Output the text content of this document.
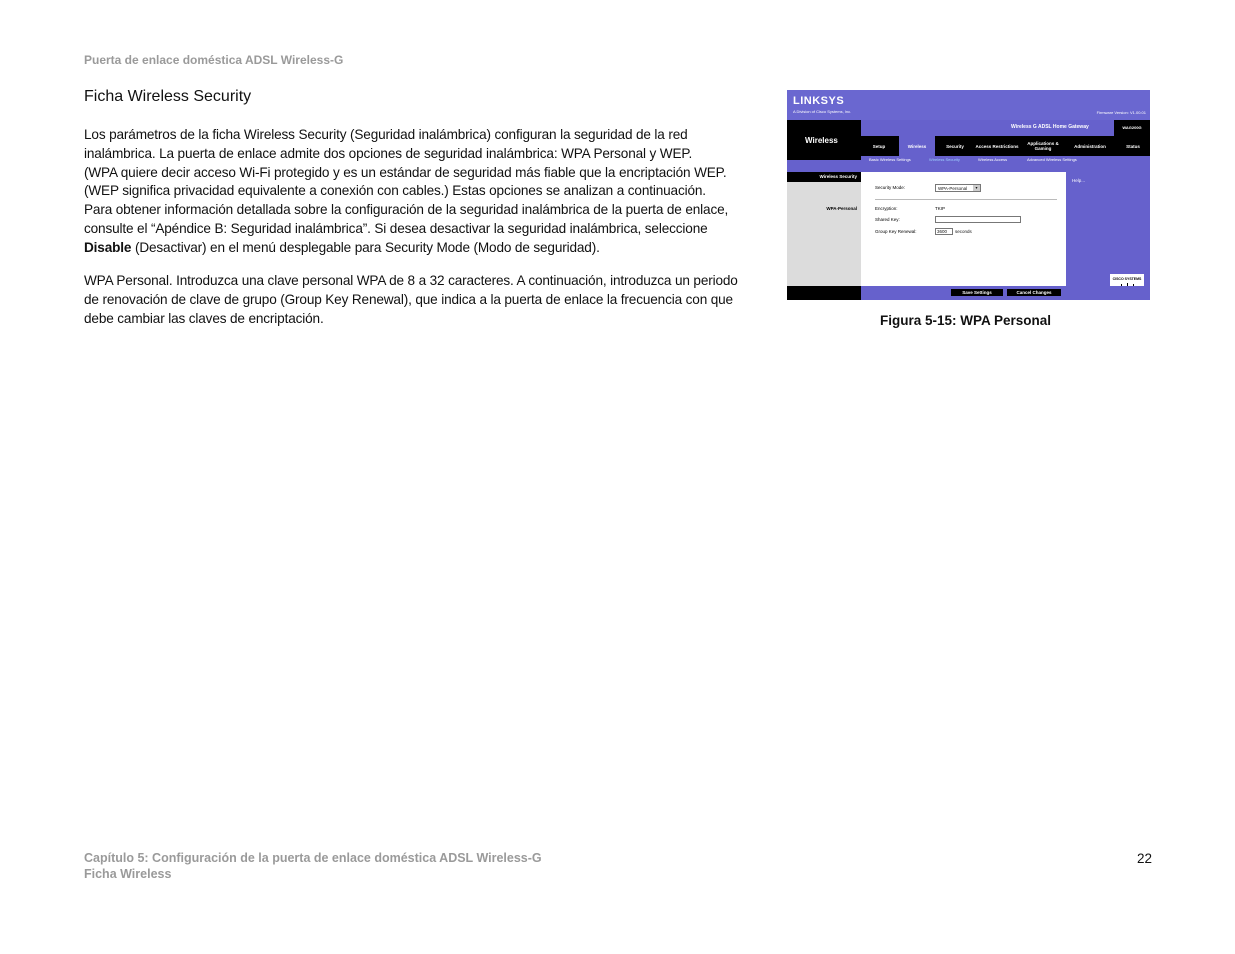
Puerta de enlace doméstica ADSL Wireless-G
Ficha Wireless Security
Los parámetros de la ficha Wireless Security (Seguridad inalámbrica) configuran la seguridad de la red
inalámbrica. La puerta de enlace admite dos opciones de seguridad inalámbrica: WPA Personal y WEP.
(WPA quiere decir acceso Wi-Fi protegido y es un estándar de seguridad más fiable que la encriptación WEP.
(WEP significa privacidad equivalente a conexión con cables.) Estas opciones se analizan a continuación.
Para obtener información detallada sobre la configuración de la seguridad inalámbrica de la puerta de enlace,
consulte el “Apéndice B: Seguridad inalámbrica”. Si desea desactivar la seguridad inalámbrica, seleccione
Disable (Desactivar) en el menú desplegable para Security Mode (Modo de seguridad).
WPA Personal. Introduzca una clave personal WPA de 8 a 32 caracteres. A continuación, introduzca un periodo
de renovación de clave de grupo (Group Key Renewal), que indica a la puerta de enlace la frecuencia con que
debe cambiar las claves de encriptación.
LINKSYS
A Division of Cisco Systems, Inc.	Firmware Version: V1.00.01
Wireless
Wireless G ADSL Home Gateway	WAG200G
Setup	Wireless	Security	Access Restrictions	Applications & Gaming	Administration	Status
Basic Wireless Settings	Wireless Security	Wireless Access	Advanced Wireless Settings
WPA-Personal
Wireless Security
Security Mode:	WPA-Personal	▾
Encryption:	TKIP
Shared Key:
Group Key Renewal:	3600	seconds
Help...
CISCO SYSTEMS
Save Settings	Cancel Changes
Figura 5-15: WPA Personal
Capítulo 5: Configuración de la puerta de enlace doméstica ADSL Wireless-G
Ficha Wireless
22
